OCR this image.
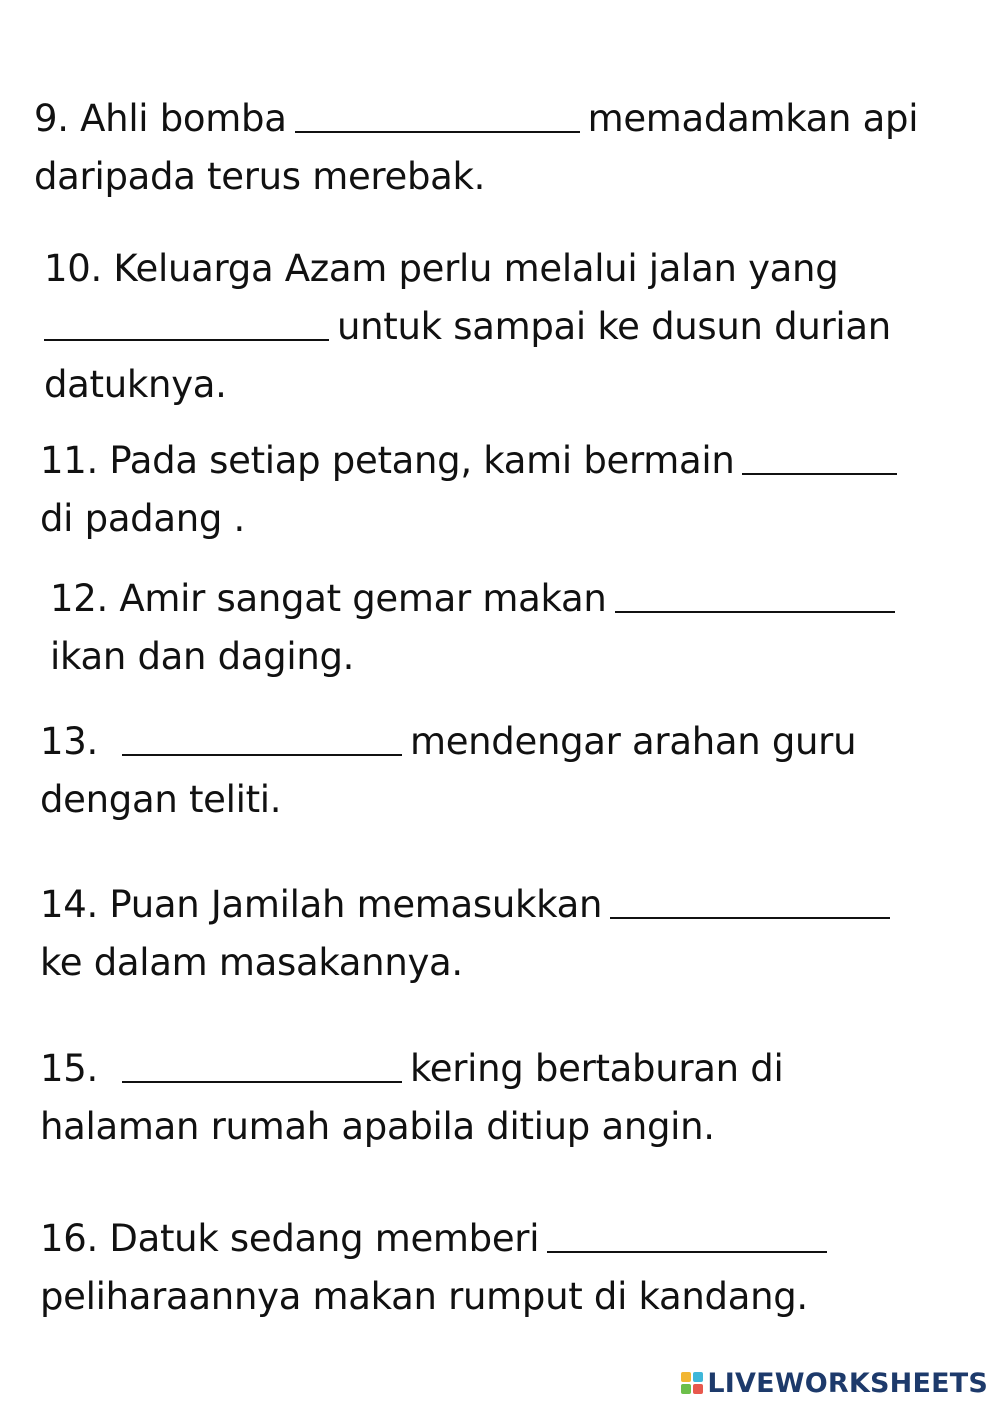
9. Ahli bomba	memadamkan api
daripada terus merebak.
10. Keluarga Azam perlu melalui jalan yang
untuk sampai ke dusun durian
datuknya.
11. Pada setiap petang, kami bermain
di padang .
12. Amir sangat gemar makan
ikan dan daging.
13.	mendengar arahan guru
dengan teliti.
14. Puan Jamilah memasukkan
ke dalam masakannya.
15.	kering bertaburan di
halaman rumah apabila ditiup angin.
16. Datuk sedang memberi
peliharaannya makan rumput di kandang.
LIVEWORKSHEETS
